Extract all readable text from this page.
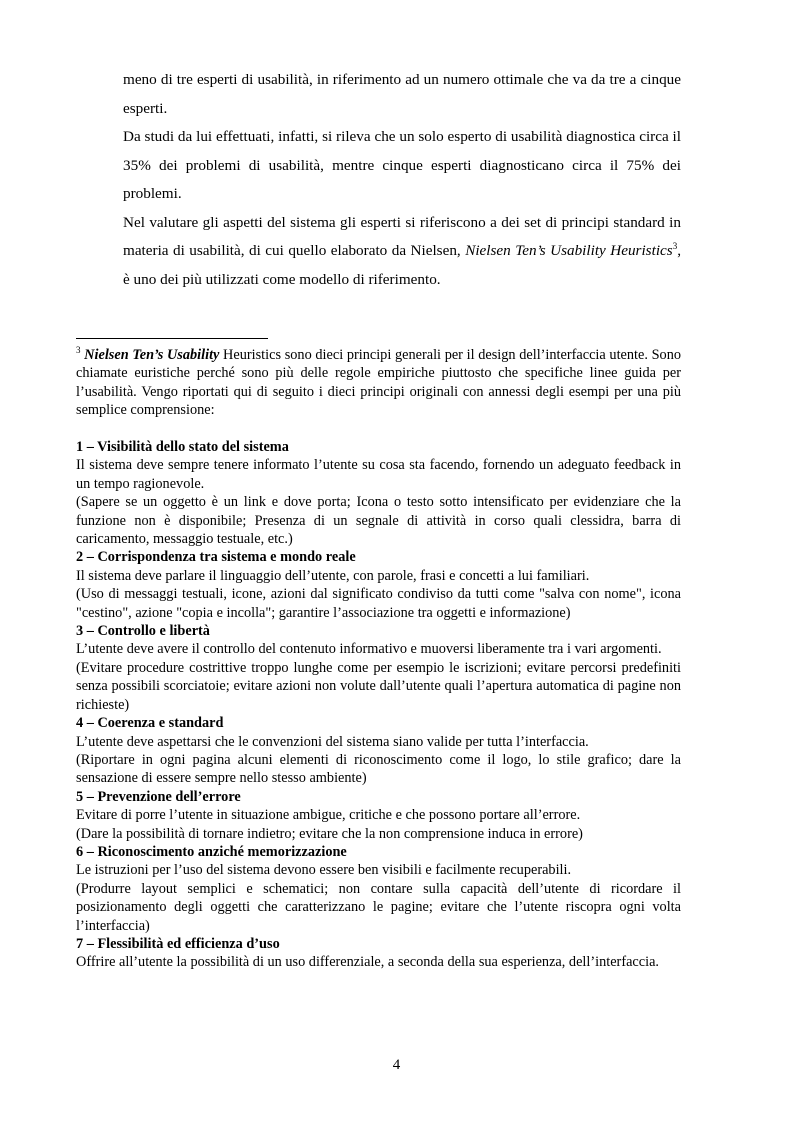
meno di tre esperti di usabilità, in riferimento ad un numero ottimale che va da tre a cinque esperti.

Da studi da lui effettuati, infatti, si rileva che un solo esperto di usabilità diagnostica circa il 35% dei problemi di usabilità, mentre cinque esperti diagnosticano circa il 75% dei problemi.

Nel valutare gli aspetti del sistema gli esperti si riferiscono a dei set di principi standard in materia di usabilità, di cui quello elaborato da Nielsen, Nielsen Ten’s Usability Heuristics$^3$, è uno dei più utilizzati come modello di riferimento.

$^3$ Nielsen Ten’s Usability Heuristics sono dieci principi generali per il design dell’interfaccia utente. Sono chiamate euristiche perché sono più delle regole empiriche piuttosto che specifiche linee guida per l’usabilità. Vengo riportati qui di seguito i dieci principi originali con annessi degli esempi per una più semplice comprensione:

1 – Visibilità dello stato del sistema

Il sistema deve sempre tenere informato l’utente su cosa sta facendo, fornendo un adeguato feedback in un tempo ragionevole.

(Sapere se un oggetto è un link e dove porta; Icona o testo sotto intensificato per evidenziare che la funzione non è disponibile; Presenza di un segnale di attività in corso quali clessidra, barra di caricamento, messaggio testuale, etc.)

2 – Corrispondenza tra sistema e mondo reale

Il sistema deve parlare il linguaggio dell’utente, con parole, frasi e concetti a lui familiari.

(Uso di messaggi testuali, icone, azioni dal significato condiviso da tutti come "salva con nome", icona "cestino", azione "copia e incolla"; garantire l’associazione tra oggetti e informazione)

3 – Controllo e libertà

L’utente deve avere il controllo del contenuto informativo e muoversi liberamente tra i vari argomenti.

(Evitare procedure costrittive troppo lunghe come per esempio le iscrizioni; evitare percorsi predefiniti senza possibili scorciatoie; evitare azioni non volute dall’utente quali l’apertura automatica di pagine non richieste)

4 – Coerenza e standard

L’utente deve aspettarsi che le convenzioni del sistema siano valide per tutta l’interfaccia.

(Riportare in ogni pagina alcuni elementi di riconoscimento come il logo, lo stile grafico; dare la sensazione di essere sempre nello stesso ambiente)

5 – Prevenzione dell’errore

Evitare di porre l’utente in situazione ambigue, critiche e che possono portare all’errore.

(Dare la possibilità di tornare indietro; evitare che la non comprensione induca in errore)

6 – Riconoscimento anziché memorizzazione

Le istruzioni per l’uso del sistema devono essere ben visibili e facilmente recuperabili.

(Produrre layout semplici e schematici; non contare sulla capacità dell’utente di ricordare il posizionamento degli oggetti che caratterizzano le pagine; evitare che l’utente riscopra ogni volta l’interfaccia)

7 – Flessibilità ed efficienza d’uso

Offrire all’utente la possibilità di un uso differenziale, a seconda della sua esperienza, dell’interfaccia.

4
